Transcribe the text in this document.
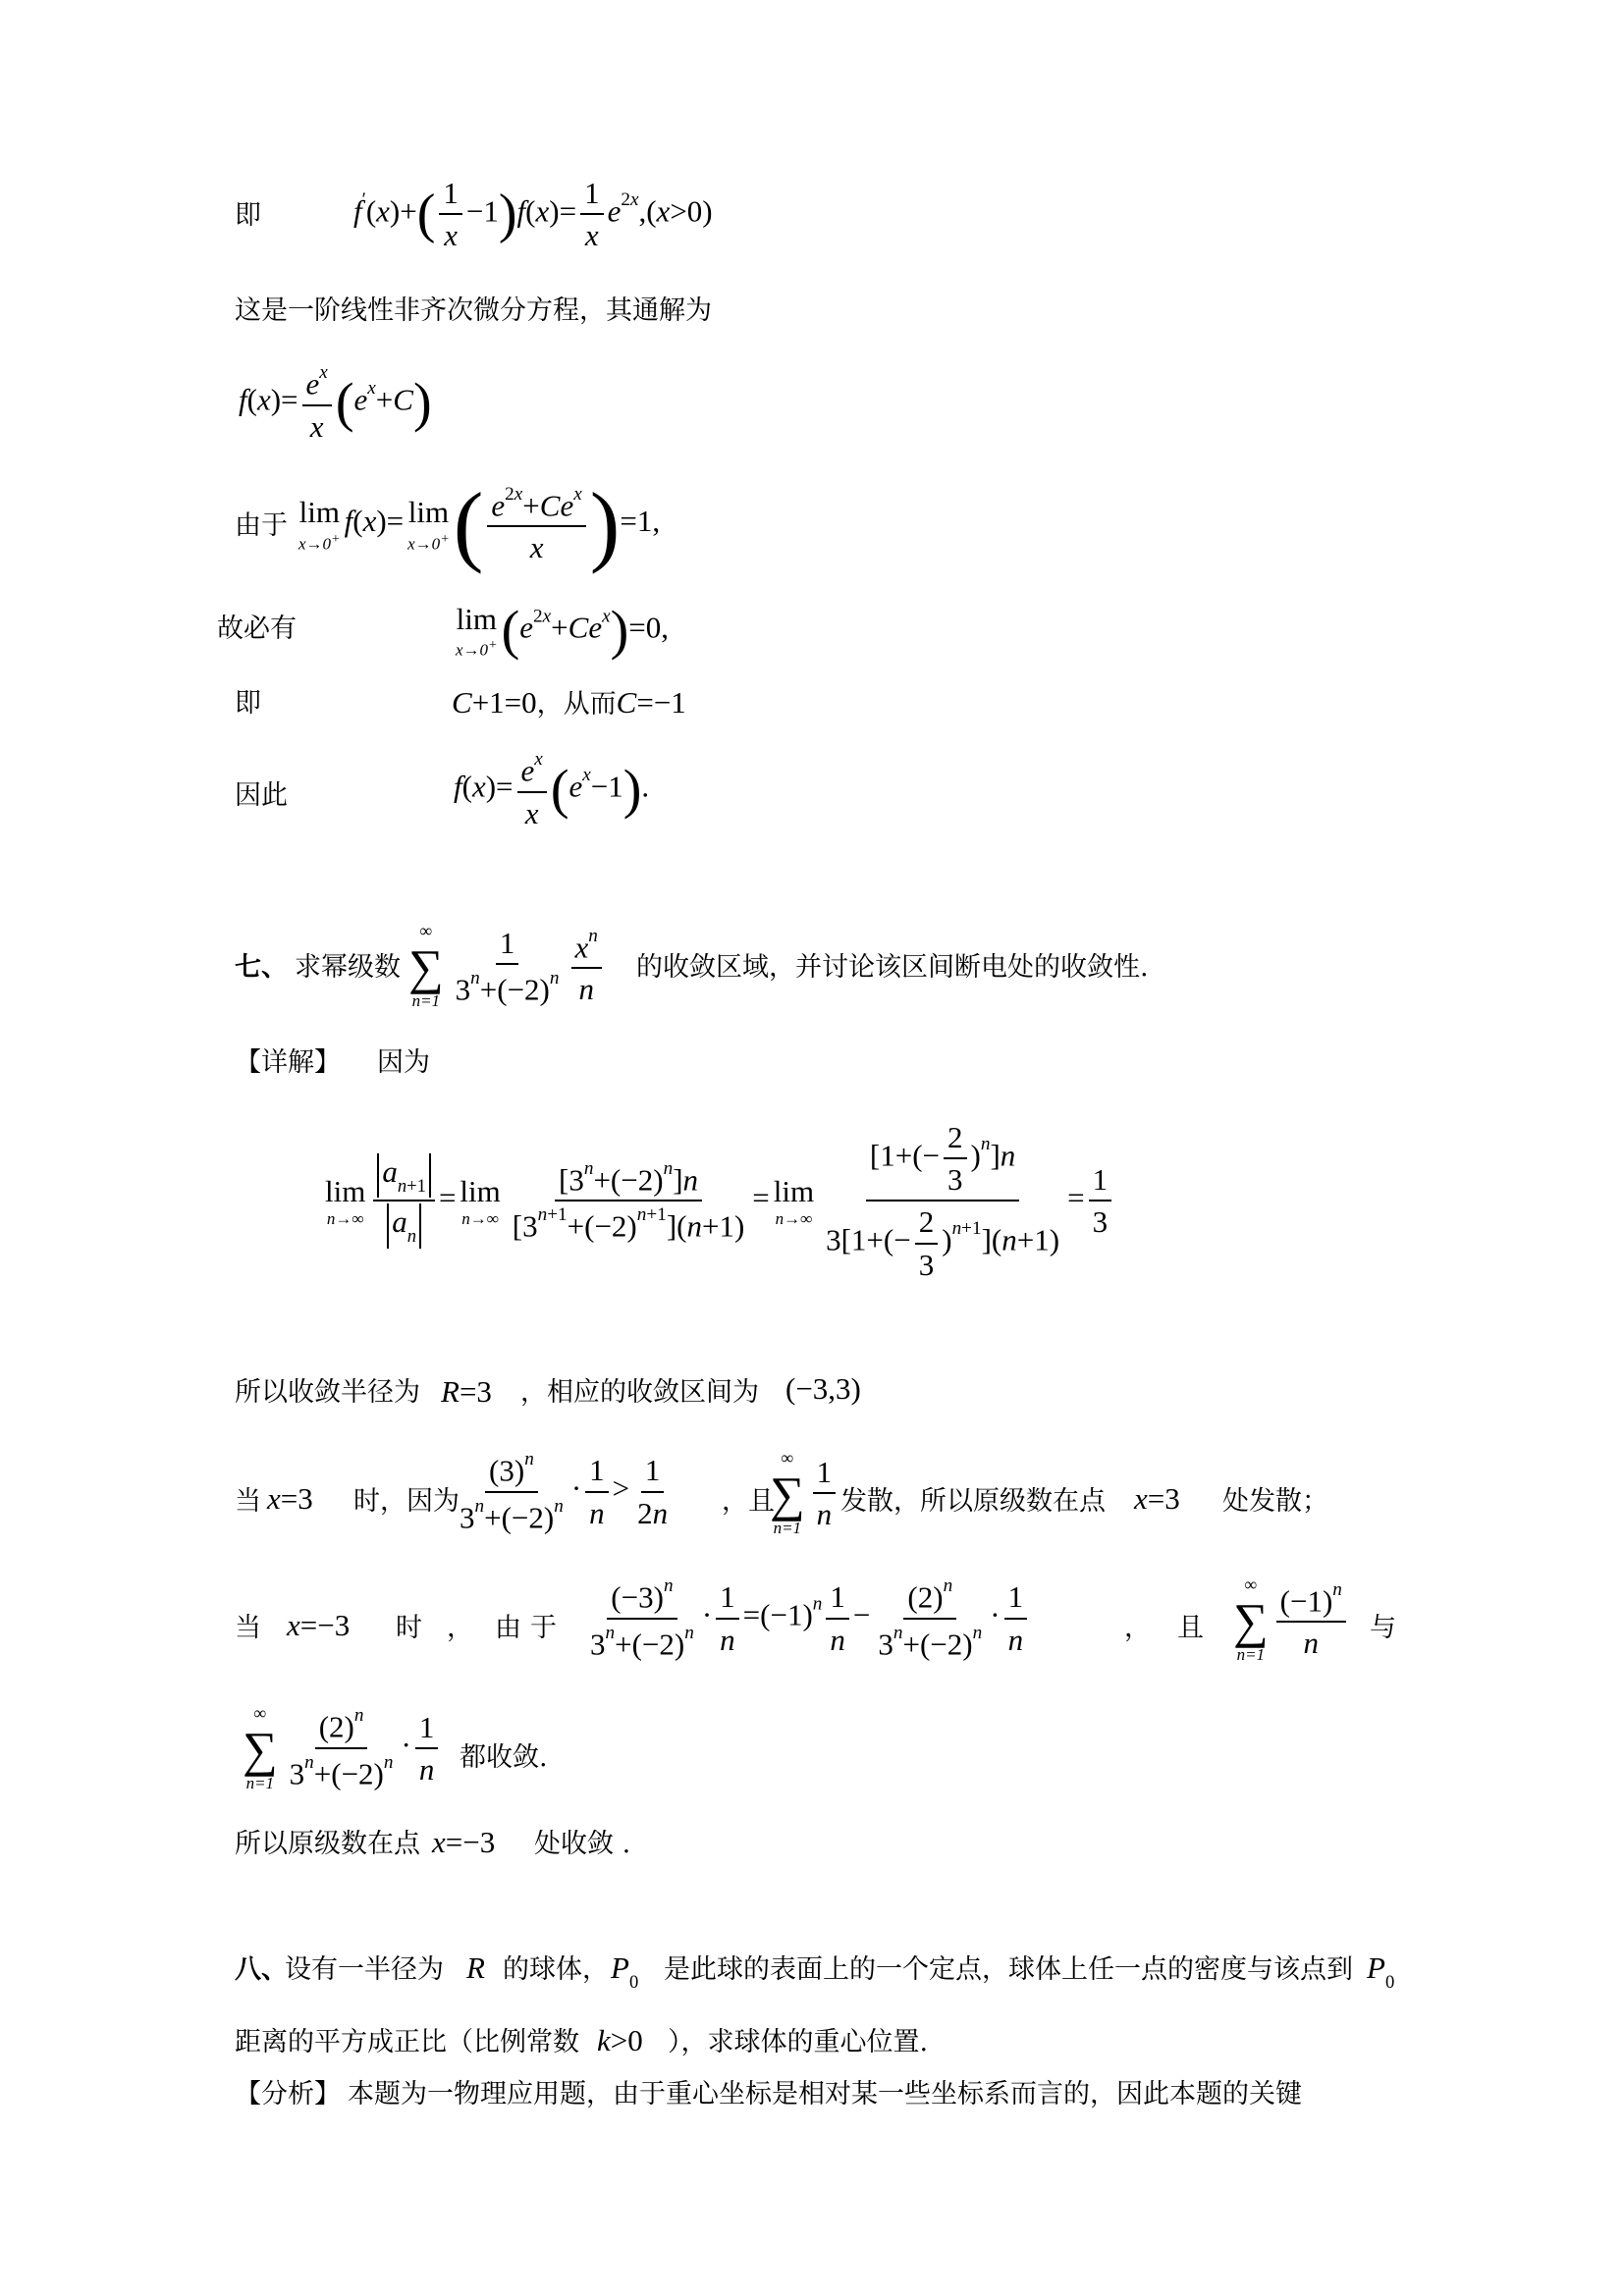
即	$f'(x)+( \frac{1}{x} -1)f(x)= \frac{1}{x} e^{2x},(x>0)$
这是一阶线性非齐次微分方程，其通解为
$f(x)= \frac{e^x}{x} (e^x+C)$
由于 lim
x→0+
f(x)= lim
x→0+ ( $\frac{e^{2x}+Ce^x}{x} )=1$,
故必有	lim
x→0+ $(e^{2x}+Ce^x)=0$,
即	C+1=0，从而C=−1
因此	$f(x)= \frac{e^x}{x} (e^x-1)$.
七、 求幂级数
∞
∑
$n=1 \frac{1}{3^n+(-2)^n} \frac{x^n}{n}$ 的收敛区域，并讨论该区间断电处的收敛性.
【详解】 因为
lim
$n\to\infty \frac{a_{n+1}}{a_n} = \lim$
$n\to\infty \frac{[3^n+(-2)^n]n}{[3^{n+1}+(-2)^{n+1}](n+1)} = \lim$
$n\to\infty \frac{[1+(- \frac{2}{3} )^n]n}{3[1+(- \frac{2}{3} )^{n+1}](n+1)} = \frac{1}{3}$
所以收敛半径为 R=3 ，相应的收敛区间为 (−3,3)
当 x=3 时，因为
$\frac{(3)^n}{3^n+(-2)^n} \cdot \frac{1}{n} > \frac{1}{2n}$ ，且
∞
∑
$n=1 \frac{1}{n}$ 发散，所以原级数在点 x=3 处发散；
当 x=−3 时 ， 由 于 $\frac{(-3)^n}{3^n+(-2)^n} \cdot \frac{1}{n} =(-1)^n \frac{1}{n} - \frac{(2)^n}{3^n+(-2)^n} \cdot \frac{1}{n}$	， 且
∞
∑
$n=1 \frac{(-1)^n}{n}$ 与
∞
∑
$n=1 \frac{(2)^n}{3^n+(-2)^n} \cdot \frac{1}{n}$ 都收敛.
所以原级数在点 x=−3 处收敛 .
八、
设有一半径为 R 的球体， $P_0$ 是此球的表面上的一个定点，球体上任一点的密度与该点到 $P_0$
距离的平方成正比（比例常数 k>0 ），求球体的重心位置.
【分析】 本题为一物理应用题，由于重心坐标是相对某一些坐标系而言的，因此本题的关键
